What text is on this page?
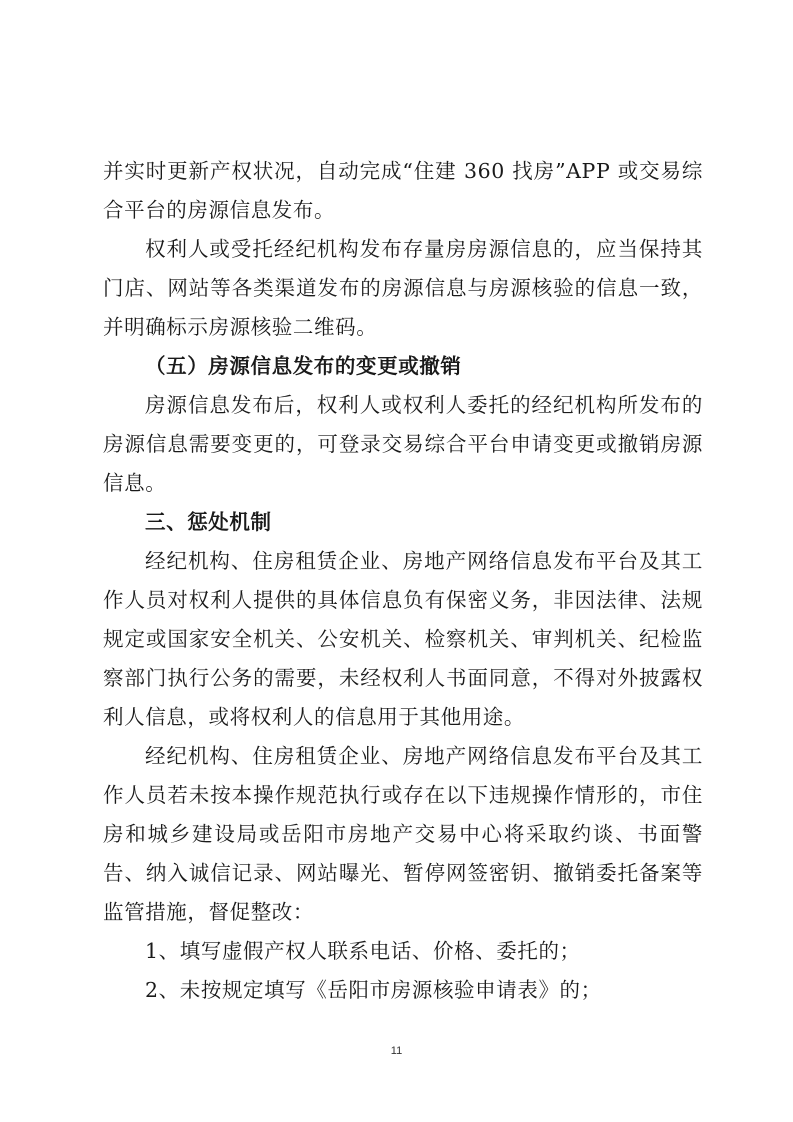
并实时更新产权状况，自动完成“住建 360 找房”APP 或交易综
合平台的房源信息发布。
权利人或受托经纪机构发布存量房房源信息的，应当保持其
门店、网站等各类渠道发布的房源信息与房源核验的信息一致，
并明确标示房源核验二维码。
（五）房源信息发布的变更或撤销
房源信息发布后，权利人或权利人委托的经纪机构所发布的
房源信息需要变更的，可登录交易综合平台申请变更或撤销房源
信息。
三、惩处机制
经纪机构、住房租赁企业、房地产网络信息发布平台及其工
作人员对权利人提供的具体信息负有保密义务，非因法律、法规
规定或国家安全机关、公安机关、检察机关、审判机关、纪检监
察部门执行公务的需要，未经权利人书面同意，不得对外披露权
利人信息，或将权利人的信息用于其他用途。
经纪机构、住房租赁企业、房地产网络信息发布平台及其工
作人员若未按本操作规范执行或存在以下违规操作情形的，市住
房和城乡建设局或岳阳市房地产交易中心将采取约谈、书面警
告、纳入诚信记录、网站曝光、暂停网签密钥、撤销委托备案等
监管措施，督促整改：
1、填写虚假产权人联系电话、价格、委托的；
2、未按规定填写《岳阳市房源核验申请表》的；
11
